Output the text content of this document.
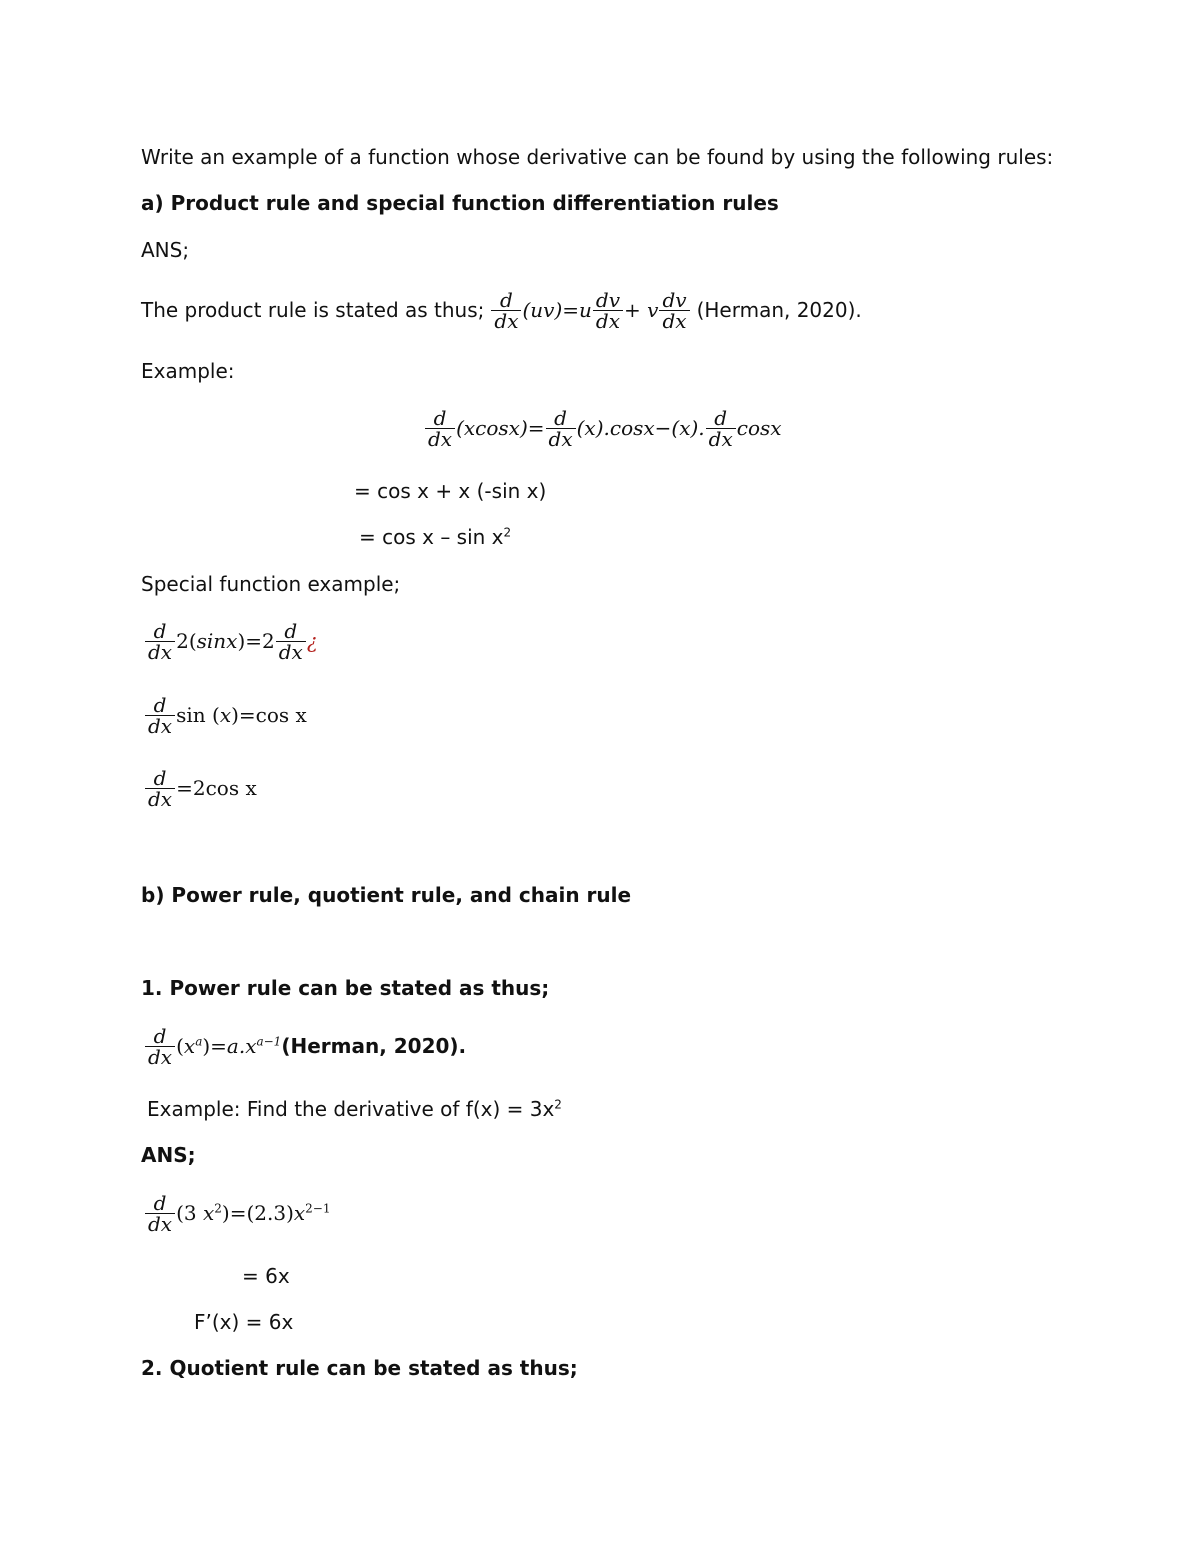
Write an example of a function whose derivative can be found by using the following rules:
a) Product rule and special function differentiation rules
ANS;
The product rule is stated as thus; $\frac{d}{dx} (uv)=u \frac{dv}{dx} + v \frac{dv}{dx}$ (Herman, 2020).
Example:
$\frac{d}{dx} (xcosx)= \frac{d}{dx} (x).\cos x-(x)$. $\frac{d}{dx}$ cosx
= cos x + x (-sin x)
= cos x – $\sin x^2$
Special function example;
$\frac{d}{dx} 2$( sinx )$=2 \frac{d}{dx}$ ¿
$\frac{d}{dx}$ sin ( x )= cos x
$\frac{d}{dx} =2$ cos x
b) Power rule, quotient rule, and chain rule
1. Power rule can be stated as thus;
$\frac{d}{dx}$ ( $x^a$ )= $a.x^{a-1}$ (Herman, 2020).
Example: Find the derivative of $f(x) = 3x^2$
ANS;
$\frac{d}{dx} (3$ $x^2$ )=(2.3) $x^{2-1}$
= 6x
F’(x) = 6x
2. Quotient rule can be stated as thus;
